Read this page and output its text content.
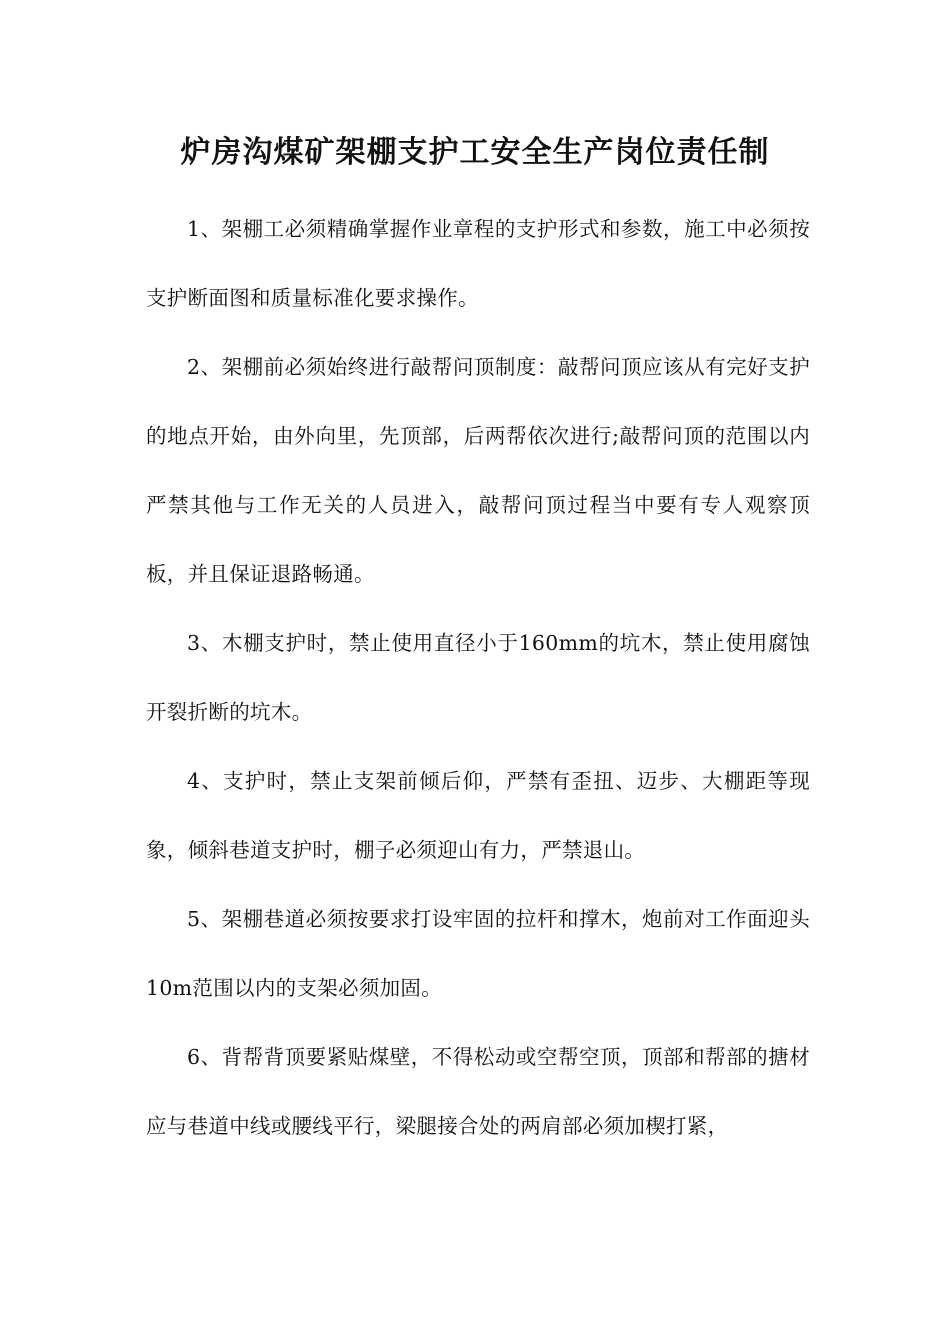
炉房沟煤矿架棚支护工安全生产岗位责任制

1、架棚工必须精确掌握作业章程的支护形式和参数，施工中必须按支护断面图和质量标准化要求操作。

2、架棚前必须始终进行敲帮问顶制度：敲帮问顶应该从有完好支护的地点开始，由外向里，先顶部，后两帮依次进行;敲帮问顶的范围以内严禁其他与工作无关的人员进入，敲帮问顶过程当中要有专人观察顶板，并且保证退路畅通。

3、木棚支护时，禁止使用直径小于160mm的坑木，禁止使用腐蚀开裂折断的坑木。

4、支护时，禁止支架前倾后仰，严禁有歪扭、迈步、大棚距等现象，倾斜巷道支护时，棚子必须迎山有力，严禁退山。

5、架棚巷道必须按要求打设牢固的拉杆和撑木，炮前对工作面迎头10m范围以内的支架必须加固。

6、背帮背顶要紧贴煤壁，不得松动或空帮空顶，顶部和帮部的搪材应与巷道中线或腰线平行，梁腿接合处的两肩部必须加楔打紧，
